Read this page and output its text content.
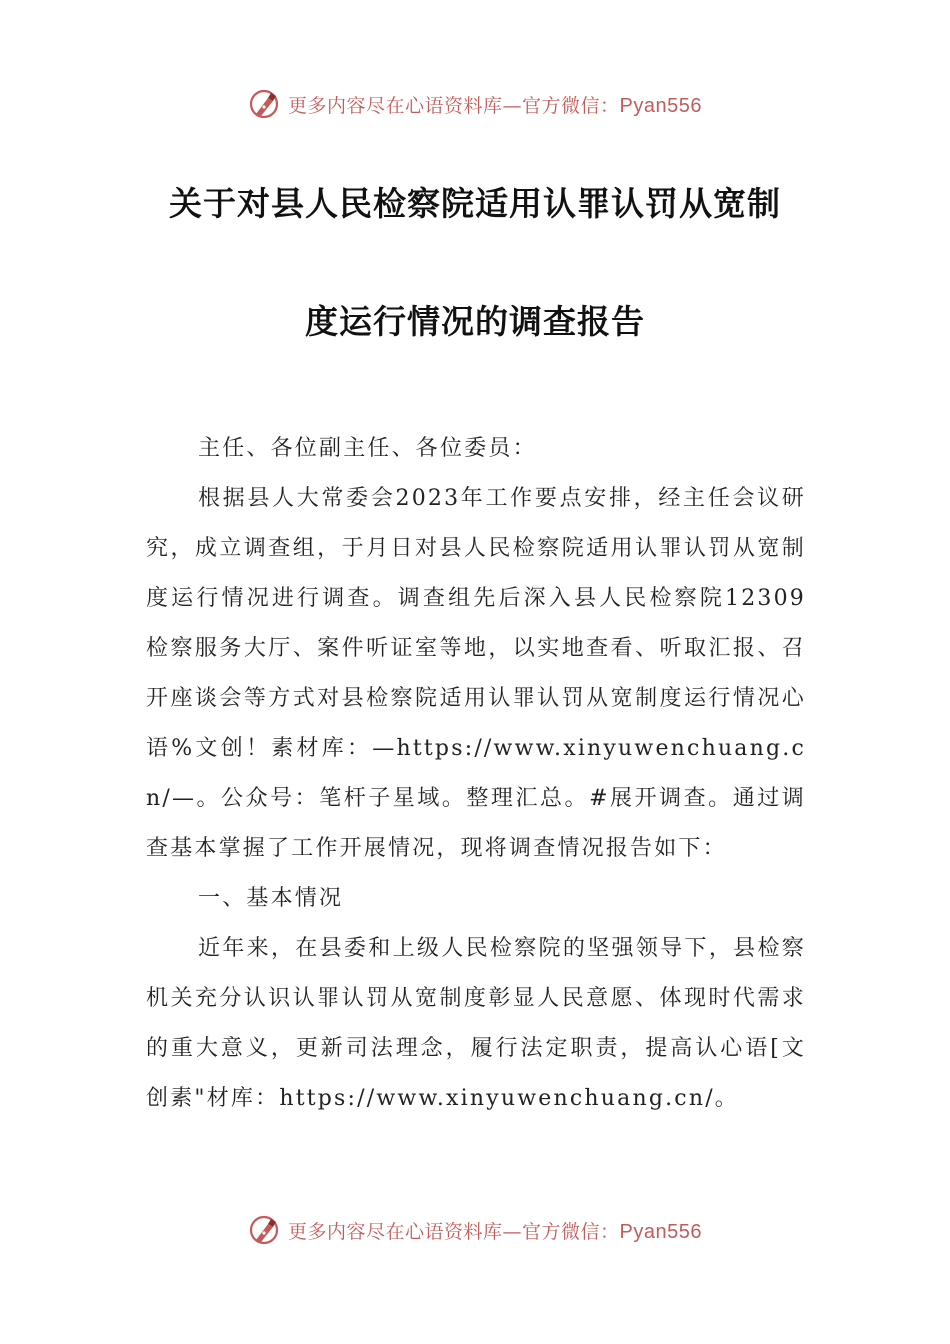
更多内容尽在心语资料库—官方微信：Pyan556
关于对县人民检察院适用认罪认罚从宽制
度运行情况的调查报告

主任、各位副主任、各位委员：

根据县人大常委会2023年工作要点安排，经主任会议研究，成立调查组，于月日对县人民检察院适用认罪认罚从宽制度运行情况进行调查。调查组先后深入县人民检察院12309检察服务大厅、案件听证室等地，以实地查看、听取汇报、召开座谈会等方式对县检察院适用认罪认罚从宽制度运行情况心语%文创！素材库：—https://www.xinyuwenchuang.cn/—。公众号：笔杆子星域。整理汇总。#展开调查。通过调查基本掌握了工作开展情况，现将调查情况报告如下：

一、基本情况

近年来，在县委和上级人民检察院的坚强领导下，县检察机关充分认识认罪认罚从宽制度彰显人民意愿、体现时代需求的重大意义，更新司法理念，履行法定职责，提高认心语[文创素"材库：https://www.xinyuwenchuang.cn/。

更多内容尽在心语资料库—官方微信：Pyan556
